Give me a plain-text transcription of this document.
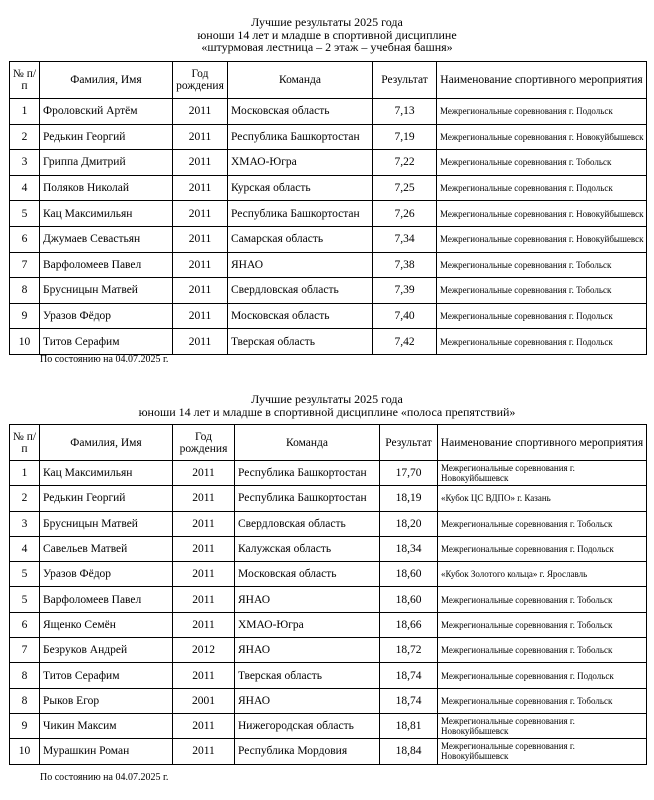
Лучшие результаты 2025 года
юноши 14 лет и младше в спортивной дисциплине
«штурмовая лестница – 2 этаж – учебная башня»
№ п/п	Фамилия, Имя	Год рождения	Команда	Результат	Наименование спортивного мероприятия
1	Фроловский Артём	2011	Московская область	7,13	Межрегиональные соревнования г. Подольск
2	Редькин Георгий	2011	Республика Башкортостан	7,19	Межрегиональные соревнования г. Новокуйбышевск
3	Гриппа Дмитрий	2011	ХМАО-Югра	7,22	Межрегиональные соревнования г. Тобольск
4	Поляков Николай	2011	Курская область	7,25	Межрегиональные соревнования г. Подольск
5	Кац Максимильян	2011	Республика Башкортостан	7,26	Межрегиональные соревнования г. Новокуйбышевск
6	Джумаев Севастьян	2011	Самарская область	7,34	Межрегиональные соревнования г. Новокуйбышевск
7	Варфоломеев Павел	2011	ЯНАО	7,38	Межрегиональные соревнования г. Тобольск
8	Брусницын Матвей	2011	Свердловская область	7,39	Межрегиональные соревнования г. Тобольск
9	Уразов Фёдор	2011	Московская область	7,40	Межрегиональные соревнования г. Подольск
10	Титов Серафим	2011	Тверская область	7,42	Межрегиональные соревнования г. Подольск
По состоянию на 04.07.2025 г.
Лучшие результаты 2025 года
юноши 14 лет и младше в спортивной дисциплине «полоса препятствий»
№ п/п	Фамилия, Имя	Год рождения	Команда	Результат	Наименование спортивного мероприятия
1	Кац Максимильян	2011	Республика Башкортостан	17,70	Межрегиональные соревнования г. Новокуйбышевск
2	Редькин Георгий	2011	Республика Башкортостан	18,19	«Кубок ЦС ВДПО» г. Казань
3	Брусницын Матвей	2011	Свердловская область	18,20	Межрегиональные соревнования г. Тобольск
4	Савельев Матвей	2011	Калужская область	18,34	Межрегиональные соревнования г. Подольск
5	Уразов Фёдор	2011	Московская область	18,60	«Кубок Золотого кольца» г. Ярославль
5	Варфоломеев Павел	2011	ЯНАО	18,60	Межрегиональные соревнования г. Тобольск
6	Ященко Семён	2011	ХМАО-Югра	18,66	Межрегиональные соревнования г. Тобольск
7	Безруков Андрей	2012	ЯНАО	18,72	Межрегиональные соревнования г. Тобольск
8	Титов Серафим	2011	Тверская область	18,74	Межрегиональные соревнования г. Подольск
8	Рыков Егор	2001	ЯНАО	18,74	Межрегиональные соревнования г. Тобольск
9	Чикин Максим	2011	Нижегородская область	18,81	Межрегиональные соревнования г. Новокуйбышевск
10	Мурашкин Роман	2011	Республика Мордовия	18,84	Межрегиональные соревнования г. Новокуйбышевск
По состоянию на 04.07.2025 г.
